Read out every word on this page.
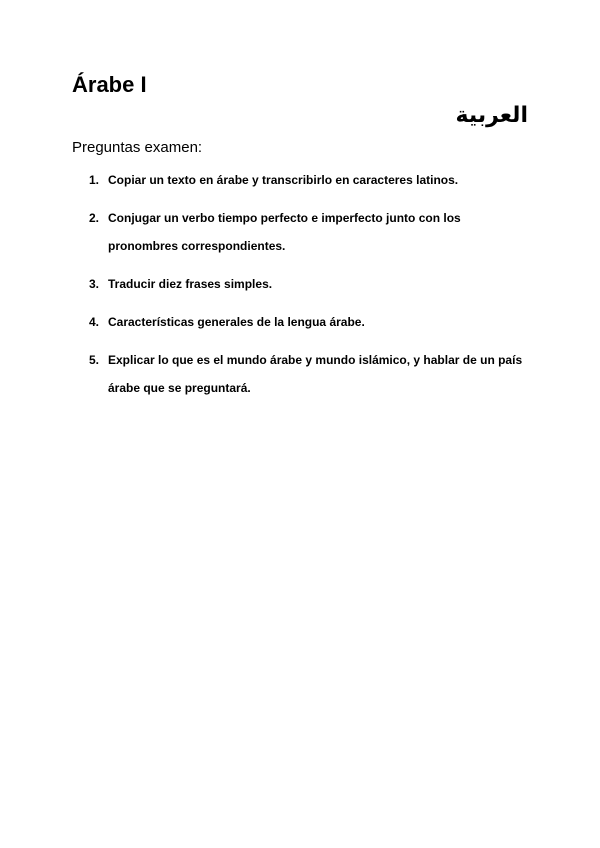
Árabe I

العربية

Preguntas examen:

1. Copiar un texto en árabe y transcribirlo en caracteres latinos.
2. Conjugar un verbo tiempo perfecto e imperfecto junto con los pronombres correspondientes.
3. Traducir diez frases simples.
4. Características generales de la lengua árabe.
5. Explicar lo que es el mundo árabe y mundo islámico, y hablar de un país árabe que se preguntará.
